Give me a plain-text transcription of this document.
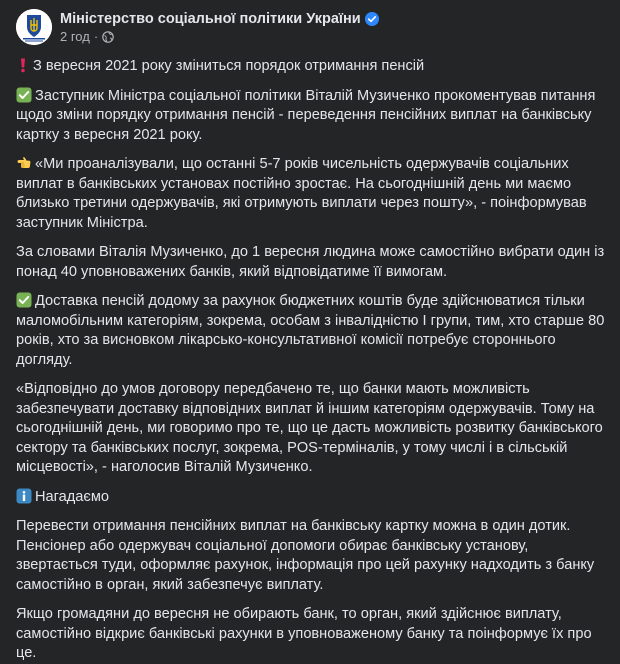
Міністерство соціальної політики України
2 год ·
З вересня 2021 року зміниться порядок отримання пенсій
Заступник Міністра соціальної політики Віталій Музиченко прокоментував питання щодо зміни порядку отримання пенсій - переведення пенсійних виплат на банківську картку з вересня 2021 року.
«Ми проаналізували, що останні 5-7 років чисельність одержувачів соціальних виплат в банківських установах постійно зростає. На сьогоднішній день ми маємо близько третини одержувачів, які отримують виплати через пошту», - поінформував заступник Міністра.
За словами Віталія Музиченко, до 1 вересня людина може самостійно вибрати один із понад 40 уповноважених банків, який відповідатиме її вимогам.
Доставка пенсій додому за рахунок бюджетних коштів буде здійснюватися тільки маломобільним категоріям, зокрема, особам з інвалідністю I групи, тим, хто старше 80 років, хто за висновком лікарсько-консультативної комісії потребує стороннього догляду.
«Відповідно до умов договору передбачено те, що банки мають можливість забезпечувати доставку відповідних виплат й іншим категоріям одержувачів. Тому на сьогоднішній день, ми говоримо про те, що це дасть можливість розвитку банківського сектору та банківських послуг, зокрема, POS-терміналів, у тому числі і в сільській місцевості», - наголосив Віталій Музиченко.
Нагадаємо
Перевести отримання пенсійних виплат на банківську картку можна в один дотик. Пенсіонер або одержувач соціальної допомоги обирає банківську установу, звертається туди, оформляє рахунок, інформація про цей рахунку надходить з банку самостійно в орган, який забезпечує виплату.
Якщо громадяни до вересня не обирають банк, то орган, який здійснює виплату, самостійно відкриє банківські рахунки в уповноваженому банку та поінформує їх про це.
